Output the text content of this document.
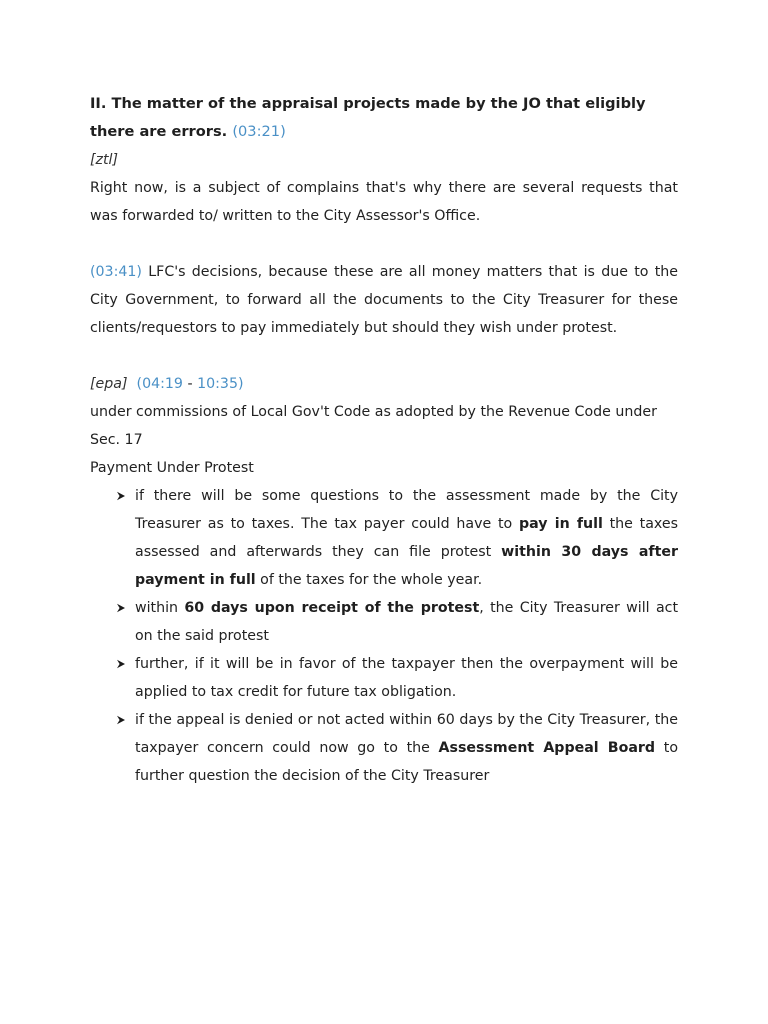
II. The matter of the appraisal projects made by the JO that eligibly there are errors. (03:21)
[ztl]
Right now, is a subject of complains that's why there are several requests that was forwarded to/ written to the City Assessor's Office.
(03:41) LFC's decisions, because these are all money matters that is due to the City Government, to forward all the documents to the City Treasurer for these clients/requestors to pay immediately but should they wish under protest.
[epa] (04:19 - 10:35)
under commissions of Local Gov't Code as adopted by the Revenue Code under Sec. 17
Payment Under Protest
if there will be some questions to the assessment made by the City Treasurer as to taxes. The tax payer could have to pay in full the taxes assessed and afterwards they can file protest within 30 days after payment in full of the taxes for the whole year.
within 60 days upon receipt of the protest, the City Treasurer will act on the said protest
further, if it will be in favor of the taxpayer then the overpayment will be applied to tax credit for future tax obligation.
if the appeal is denied or not acted within 60 days by the City Treasurer, the taxpayer concern could now go to the Assessment Appeal Board to further question the decision of the City Treasurer
